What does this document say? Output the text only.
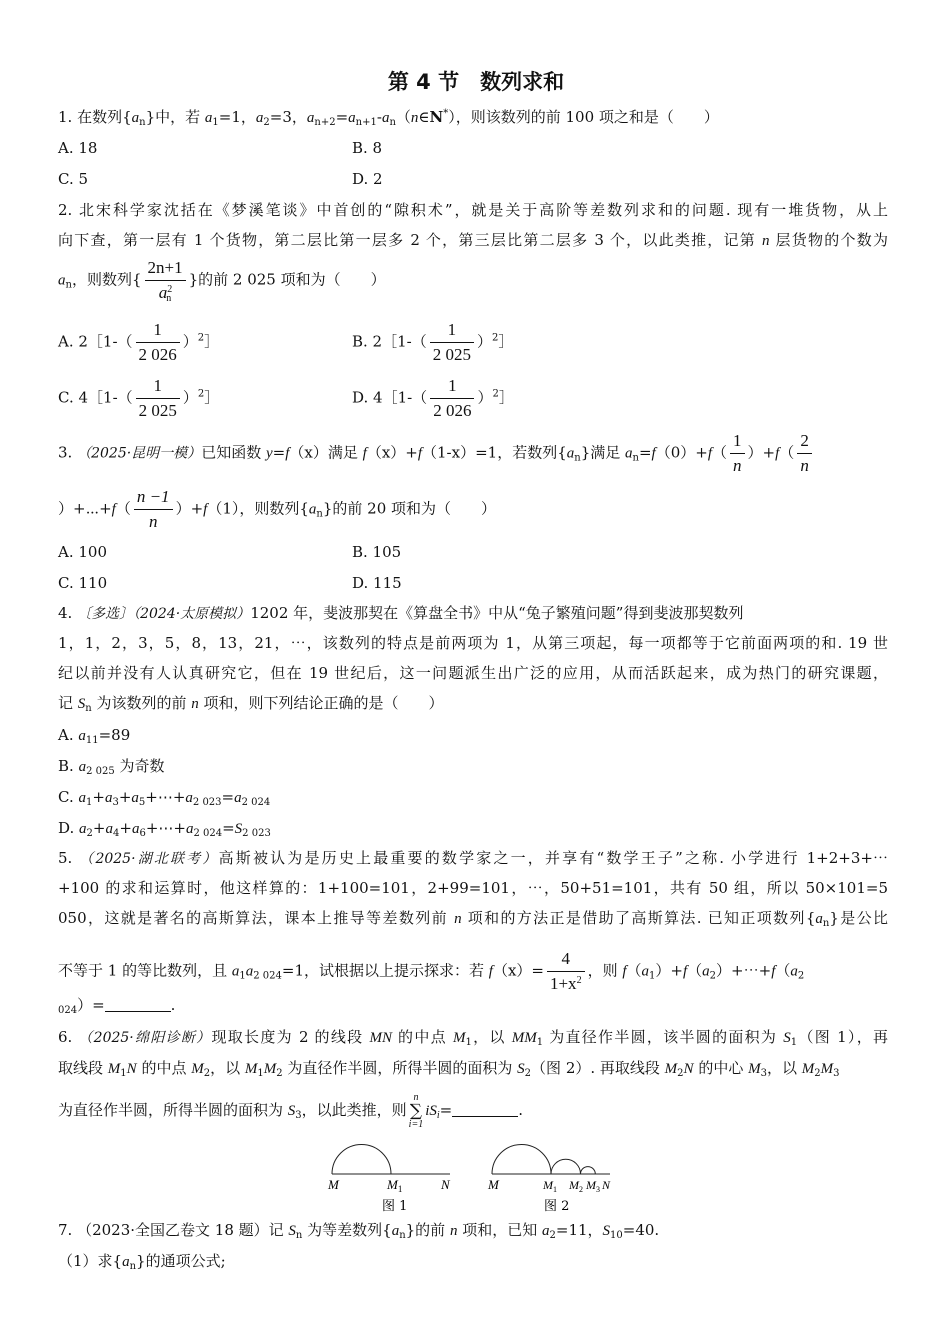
第 4 节　数列求和
1. 在数列$\{a_n\}$中，若 $a_1=1$，$a_2=3$，$a_{n+2}=a_{n+1}-a_n(n\in N^*)$，则该数列的前 100 项之和是（　　）
A. 18	B. 8
C. 5	D. 2
2. 北宋科学家沈括在《梦溪笔谈》中首创的“隙积术”，就是关于高阶等差数列求和的问题. 现有一堆货物，从上
向下查，第一层有 1 个货物，第二层比第一层多 2 个，第三层比第二层多 3 个，以此类推，记第 n 层货物的个数为
$a_n$，则数列{ $\frac{2n+1}{a^2_n}$ }的前 2 025 项和为（　　）
A. 2［1-（ $\frac{1}{2 026}$ ）$^2$］	B. 2［1-（ $\frac{1}{2 025}$ ）$^2$］
C. 4［1-（ $\frac{1}{2 025}$ ）$^2$］	D. 4［1-（ $\frac{1}{2 026}$ ）$^2$］
3. （2025·昆明一模）已知函数 y=f（x）满足 f（x）+f（1-x）=1，若数列$\{a_n\}$满足 $a_n=f(0)+f( \frac{1}{n} )+f( \frac{2}{n}$
）+⋯+f（ $\frac{n -1}{n} )+f(1)$，则数列$\{a_n\}$的前 20 项和为（　　）
A. 100	B. 105
C. 110	D. 115
4. 〔多选〕（2024·太原模拟）1202 年，斐波那契在《算盘全书》中从“兔子繁殖问题”得到斐波那契数列
1，1，2，3，5，8，13，21，⋯，该数列的特点是前两项为 1，从第三项起，每一项都等于它前面两项的和. 19 世
纪以前并没有人认真研究它，但在 19 世纪后，这一问题派生出广泛的应用，从而活跃起来，成为热门的研究课题，
记 $S_n$ 为该数列的前 n 项和，则下列结论正确的是（　　）
A. $a_{11}=89$
B. $a_{2 025}$ 为奇数
C. $a_1+a_3+a_5+\cdots+a_{2 023}=a_{2 024}$
D. $a_2+a_4+a_6+\cdots+a_{2 024}=S_{2 023}$
5. （2025·湖北联考）高斯被认为是历史上最重要的数学家之一，并享有“数学王子”之称. 小学进行 1+2+3+⋯
+100 的求和运算时，他这样算的：1+100=101，2+99=101，⋯，50+51=101，共有 50 组，所以 50×101=5
050，这就是著名的高斯算法，课本上推导等差数列前 n 项和的方法正是借助了高斯算法. 已知正项数列$\{a_n\}$是公比
不等于 1 的等比数列，且 $a_1a_{2 024}=1$，试根据以上提示探求：若 $f(x)= \frac{4}{1+x^2}$ ，则 $f(a_1)+f(a_2)+\cdots+f(a_2$
$_{024}$）=	.
6. （2025·绵阳诊断）现取长度为 2 的线段 MN 的中点 $M_1$，以 $MM_1$ 为直径作半圆，该半圆的面积为 $S_1$（图 1），再
取线段 $M_1N$ 的中点 $M_2$，以 $M_1M_2$ 为直径作半圆，所得半圆的面积为 $S_2$（图 2）. 再取线段 $M_2N$ 的中心 $M_3$，以 $M_2M_3$
为直径作半圆，所得半圆的面积为 $S_3$，以此类推，则n
∑
$i=1iS_i=$	.
M	$M_1$	N
图 1
M	$M_1$ $M_2$ $M_3$ N
图 2
7. （2023·全国乙卷文 18 题）记 $S_n$ 为等差数列$\{a_n\}$的前 n 项和，已知 $a_2=11$，$S_{10}=40$.
（1）求$\{a_n\}$的通项公式;
